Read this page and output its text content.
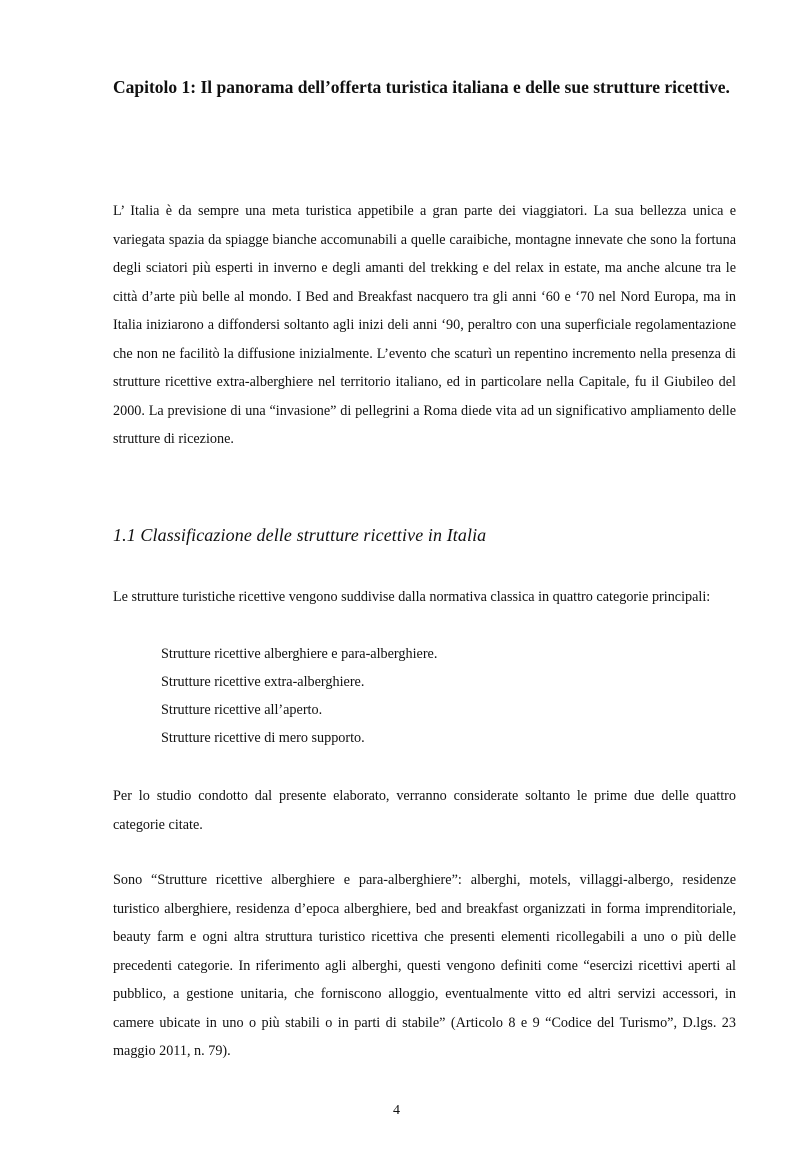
Capitolo 1: Il panorama dell’offerta turistica italiana e delle sue strutture ricettive.

L’ Italia è da sempre una meta turistica appetibile a gran parte dei viaggiatori. La sua bellezza unica e variegata spazia da spiagge bianche accomunabili a quelle caraibiche, montagne innevate che sono la fortuna degli sciatori più esperti in inverno e degli amanti del trekking e del relax in estate, ma anche alcune tra le città d’arte più belle al mondo. I Bed and Breakfast nacquero tra gli anni ‘60 e ‘70 nel Nord Europa, ma in Italia iniziarono a diffondersi soltanto agli inizi deli anni ‘90, peraltro con una superficiale regolamentazione che non ne facilitò la diffusione inizialmente. L’evento che scaturì un repentino incremento nella presenza di strutture ricettive extra-alberghiere nel territorio italiano, ed in particolare nella Capitale, fu il Giubileo del 2000. La previsione di una “invasione” di pellegrini a Roma diede vita ad un significativo ampliamento delle strutture di ricezione.

1.1 Classificazione delle strutture ricettive in Italia

Le strutture turistiche ricettive vengono suddivise dalla normativa classica in quattro categorie principali:

Strutture ricettive alberghiere e para-alberghiere.
Strutture ricettive extra-alberghiere.
Strutture ricettive all’aperto.
Strutture ricettive di mero supporto.

Per lo studio condotto dal presente elaborato, verranno considerate soltanto le prime due delle quattro categorie citate.

Sono “Strutture ricettive alberghiere e para-alberghiere”: alberghi, motels, villaggi-albergo, residenze turistico alberghiere, residenza d’epoca alberghiere, bed and breakfast organizzati in forma imprenditoriale, beauty farm e ogni altra struttura turistico ricettiva che presenti elementi ricollegabili a uno o più delle precedenti categorie. In riferimento agli alberghi, questi vengono definiti come “esercizi ricettivi aperti al pubblico, a gestione unitaria, che forniscono alloggio, eventualmente vitto ed altri servizi accessori, in camere ubicate in uno o più stabili o in parti di stabile” (Articolo 8 e 9 “Codice del Turismo”, D.lgs. 23 maggio 2011, n. 79).

4
